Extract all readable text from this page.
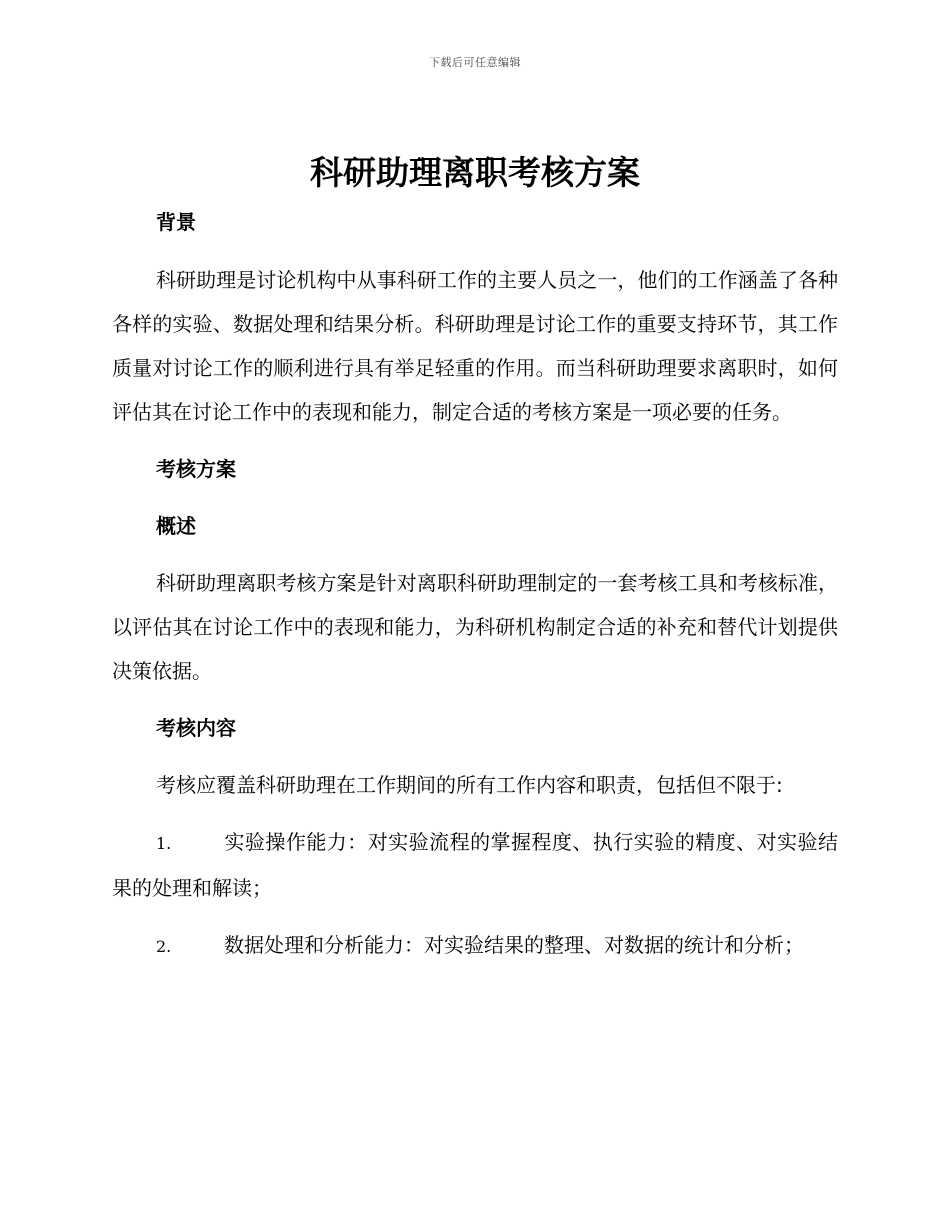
下载后可任意编辑
科研助理离职考核方案

背景

科研助理是讨论机构中从事科研工作的主要人员之一，他们的工作涵盖了各种各样的实验、数据处理和结果分析。科研助理是讨论工作的重要支持环节，其工作质量对讨论工作的顺利进行具有举足轻重的作用。而当科研助理要求离职时，如何评估其在讨论工作中的表现和能力，制定合适的考核方案是一项必要的任务。

考核方案

概述

科研助理离职考核方案是针对离职科研助理制定的一套考核工具和考核标准，以评估其在讨论工作中的表现和能力，为科研机构制定合适的补充和替代计划提供决策依据。

考核内容

考核应覆盖科研助理在工作期间的所有工作内容和职责，包括但不限于:

1.	实验操作能力：对实验流程的掌握程度、执行实验的精度、对实验结果的处理和解读；

2.	数据处理和分析能力：对实验结果的整理、对数据的统计和分析；
